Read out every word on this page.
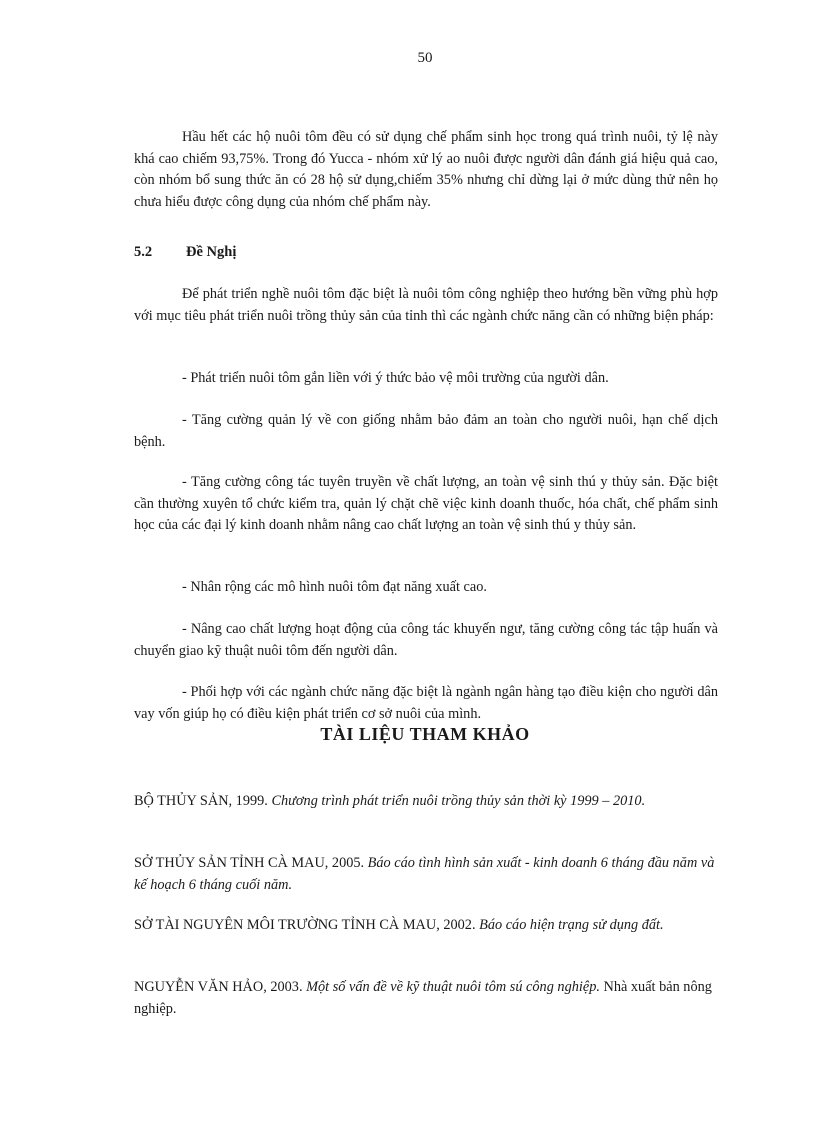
50

Hầu hết các hộ nuôi tôm đều có sử dụng chế phẩm sinh học trong quá trình nuôi, tỷ lệ này khá cao chiếm 93,75%. Trong đó Yucca - nhóm xử lý ao nuôi được người dân đánh giá hiệu quả cao, còn nhóm bổ sung thức ăn có 28 hộ sử dụng,chiếm 35% nhưng chỉ dừng lại ở mức dùng thử nên họ chưa hiểu được công dụng của nhóm chế phẩm này.

5.2 Đề Nghị

Để phát triển nghề nuôi tôm đặc biệt là nuôi tôm công nghiệp theo hướng bền vững phù hợp với mục tiêu phát triển nuôi trồng thủy sản của tỉnh thì các ngành chức năng cần có những biện pháp:

- Phát triển nuôi tôm gắn liền với ý thức bảo vệ môi trường của người dân.

- Tăng cường quản lý về con giống nhằm bảo đảm an toàn cho người nuôi, hạn chế dịch bệnh.

- Tăng cường công tác tuyên truyền về chất lượng, an toàn vệ sinh thú y thủy sản. Đặc biệt cần thường xuyên tổ chức kiểm tra, quản lý chặt chẽ việc kinh doanh thuốc, hóa chất, chế phẩm sinh học của các đại lý kinh doanh nhằm nâng cao chất lượng an toàn vệ sinh thú y thủy sản.

- Nhân rộng các mô hình nuôi tôm đạt năng xuất cao.

- Nâng cao chất lượng hoạt động của công tác khuyến ngư, tăng cường công tác tập huấn và chuyển giao kỹ thuật nuôi tôm đến người dân.

- Phối hợp với các ngành chức năng đặc biệt là ngành ngân hàng tạo điều kiện cho người dân vay vốn giúp họ có điều kiện phát triển cơ sở nuôi của mình.

TÀI LIỆU THAM KHẢO
BỘ THỦY SẢN, 1999. Chương trình phát triển nuôi trồng thủy sản thời kỳ 1999 – 2010.
SỞ THỦY SẢN TỈNH CÀ MAU, 2005. Báo cáo tình hình sản xuất - kinh doanh 6 tháng đầu năm và kế hoạch 6 tháng cuối năm.
SỞ TÀI NGUYÊN MÔI TRƯỜNG TỈNH CÀ MAU, 2002. Báo cáo hiện trạng sử dụng đất.
NGUYỄN VĂN HẢO, 2003. Một số vấn đề về kỹ thuật nuôi tôm sú công nghiệp. Nhà xuất bản nông nghiệp.
